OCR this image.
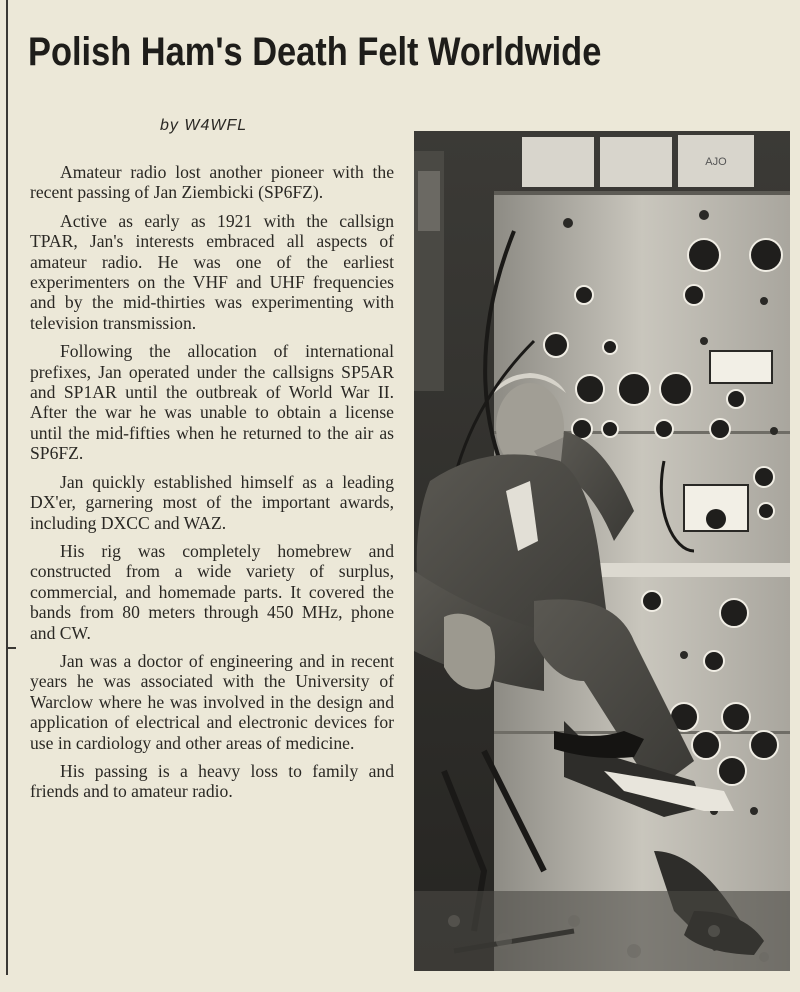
Polish Ham's Death Felt Worldwide
by W4WFL

Amateur radio lost another pioneer with the recent passing of Jan Ziembicki (SP6FZ).

Active as early as 1921 with the callsign TPAR, Jan's interests embraced all aspects of amateur radio. He was one of the earliest experimenters on the VHF and UHF frequencies and by the mid-thirties was experimenting with television transmission.

Following the allocation of international prefixes, Jan operated under the callsigns SP5AR and SP1AR until the outbreak of World War II. After the war he was unable to obtain a license until the mid-fifties when he returned to the air as SP6FZ.

Jan quickly established himself as a leading DX'er, garnering most of the important awards, including DXCC and WAZ.

His rig was completely homebrew and constructed from a wide variety of surplus, commercial, and homemade parts. It covered the bands from 80 meters through 450 MHz, phone and CW.

Jan was a doctor of engineering and in recent years he was associated with the University of Warclow where he was involved in the design and application of electrical and electronic devices for use in cardiology and other areas of medicine.

His passing is a heavy loss to family and friends and to amateur radio.

AJO
